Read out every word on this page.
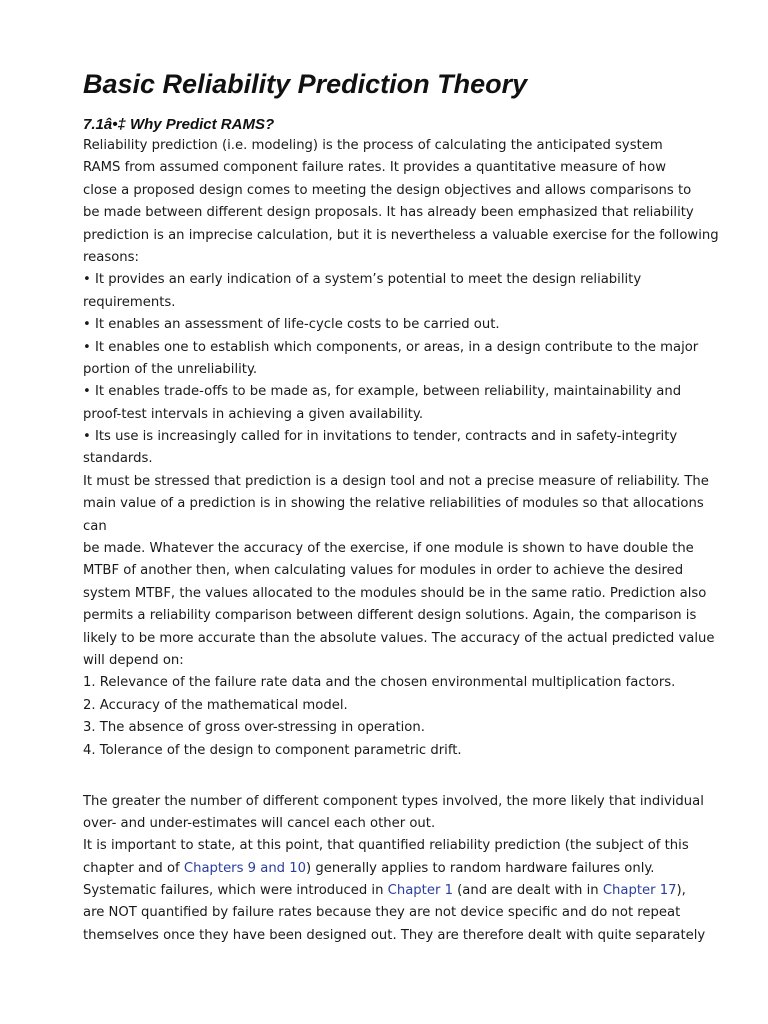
Basic Reliability Prediction Theory
7.1â•‡ Why Predict RAMS?
Reliability prediction (i.e. modeling) is the process of calculating the anticipated system
RAMS from assumed component failure rates. It provides a quantitative measure of how
close a proposed design comes to meeting the design objectives and allows comparisons to
be made between different design proposals. It has already been emphasized that reliability
prediction is an imprecise calculation, but it is nevertheless a valuable exercise for the following
reasons:
• It provides an early indication of a system’s potential to meet the design reliability
requirements.
• It enables an assessment of life-cycle costs to be carried out.
• It enables one to establish which components, or areas, in a design contribute to the major
portion of the unreliability.
• It enables trade-offs to be made as, for example, between reliability, maintainability and
proof-test intervals in achieving a given availability.
• Its use is increasingly called for in invitations to tender, contracts and in safety-integrity
standards.
It must be stressed that prediction is a design tool and not a precise measure of reliability. The
main value of a prediction is in showing the relative reliabilities of modules so that allocations
can
be made. Whatever the accuracy of the exercise, if one module is shown to have double the
MTBF of another then, when calculating values for modules in order to achieve the desired
system MTBF, the values allocated to the modules should be in the same ratio. Prediction also
permits a reliability comparison between different design solutions. Again, the comparison is
likely to be more accurate than the absolute values. The accuracy of the actual predicted value
will depend on:
1. Relevance of the failure rate data and the chosen environmental multiplication factors.
2. Accuracy of the mathematical model.
3. The absence of gross over-stressing in operation.
4. Tolerance of the design to component parametric drift.
The greater the number of different component types involved, the more likely that individual
over- and under-estimates will cancel each other out.
It is important to state, at this point, that quantified reliability prediction (the subject of this
chapter and of Chapters 9 and 10) generally applies to random hardware failures only.
Systematic failures, which were introduced in Chapter 1 (and are dealt with in Chapter 17),
are NOT quantified by failure rates because they are not device specific and do not repeat
themselves once they have been designed out. They are therefore dealt with quite separately
